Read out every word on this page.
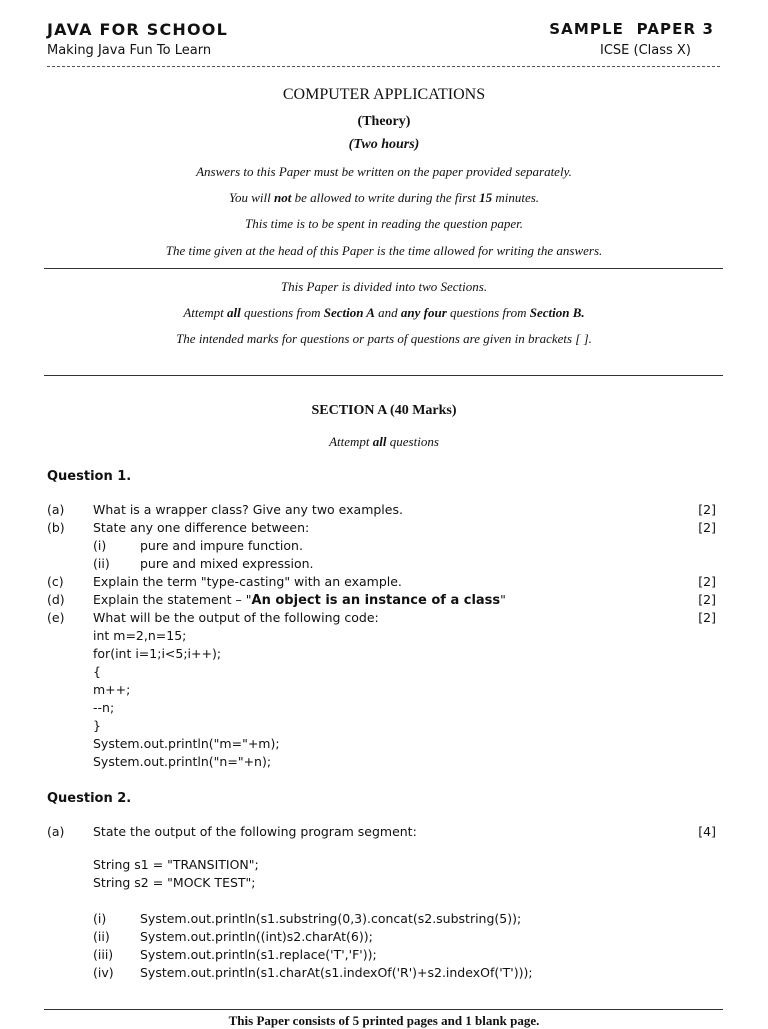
JAVA FOR SCHOOL
Making Java Fun To Learn
SAMPLE  PAPER 3
ICSE (Class X)
COMPUTER APPLICATIONS
(Theory)
(Two hours)
Answers to this Paper must be written on the paper provided separately.
You will not be allowed to write during the first 15 minutes.
This time is to be spent in reading the question paper.
The time given at the head of this Paper is the time allowed for writing the answers.
This Paper is divided into two Sections.
Attempt all questions from Section A and any four questions from Section B.
The intended marks for questions or parts of questions are given in brackets [ ].
SECTION A (40 Marks)
Attempt all questions
Question 1.
(a) What is a wrapper class? Give any two examples.	[2]
(b) State any one difference between:	[2]
(i)	pure and impure function.
(ii) pure and mixed expression.
(c) Explain the term "type-casting" with an example.	[2]
(d) Explain the statement – "An object is an instance of a class"	[2]
(e) What will be the output of the following code:	[2]
int m=2,n=15;
for(int i=1;i<5;i++);
{
m++;
--n;
}
System.out.println("m="+m);
System.out.println("n="+n);
Question 2.
(a) State the output of the following program segment:	[4]
String s1 = "TRANSITION";
String s2 = "MOCK TEST";
(i)	System.out.println(s1.substring(0,3).concat(s2.substring(5));
(ii) System.out.println((int)s2.charAt(6));
(iii) System.out.println(s1.replace('T','F'));
(iv) System.out.println(s1.charAt(s1.indexOf('R')+s2.indexOf('T')));
This Paper consists of 5 printed pages and 1 blank page.
